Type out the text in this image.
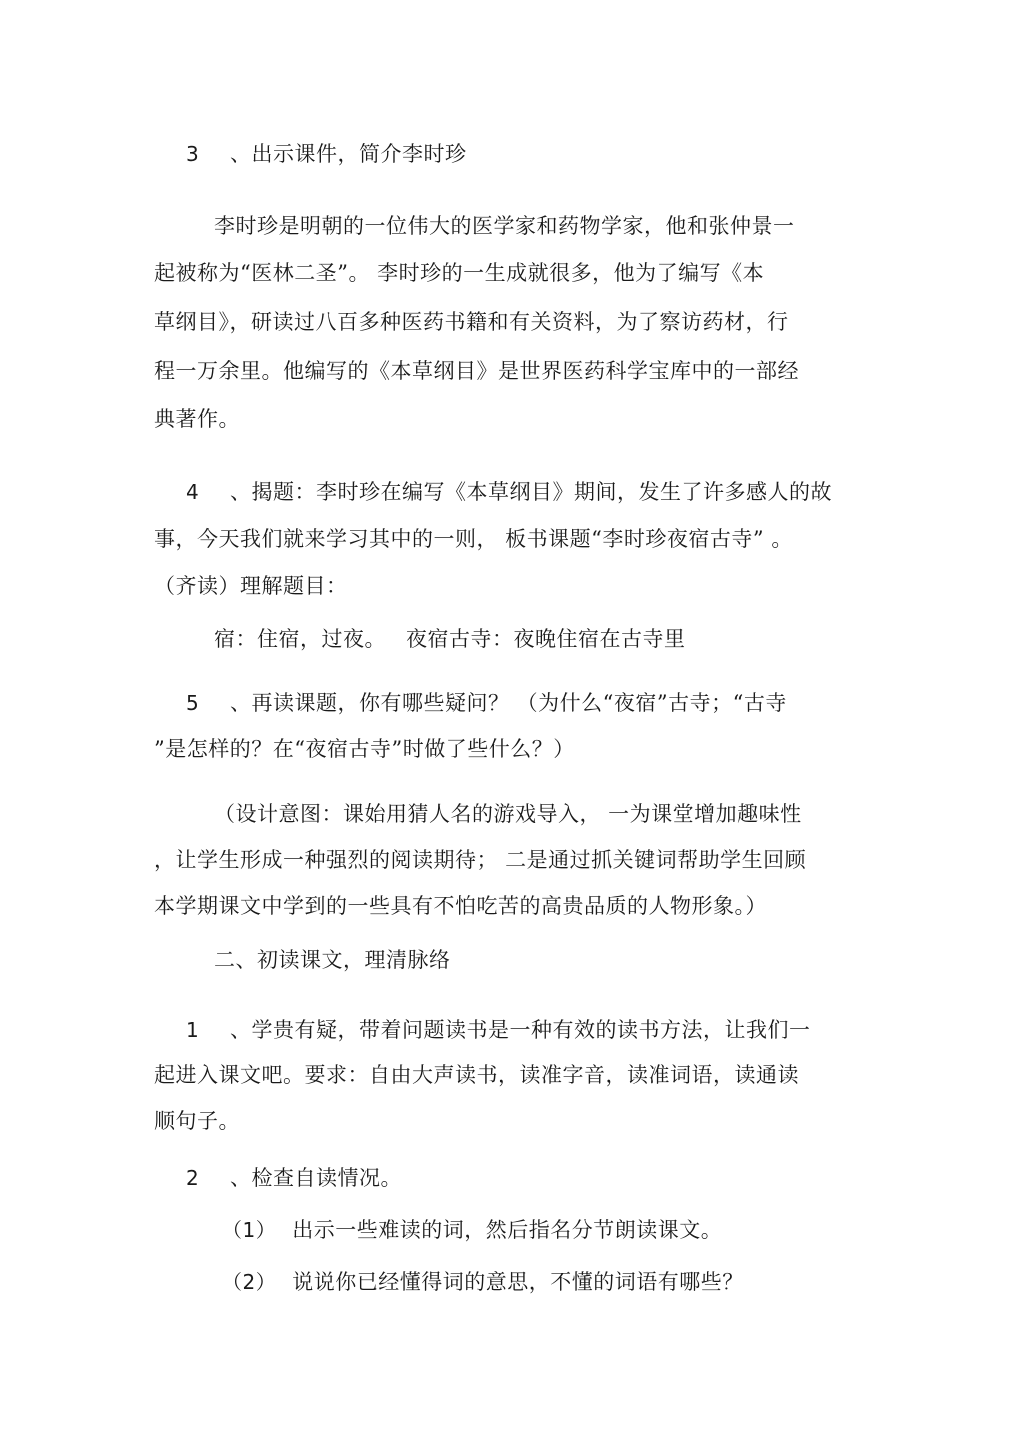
3 、出示课件，简介李时珍
李时珍是明朝的一位伟大的医学家和药物学家，他和张仲景一
起被称为“医林二圣”。 李时珍的一生成就很多，他为了编写《本
草纲目》，研读过八百多种医药书籍和有关资料，为了察访药材，行
程一万余里。他编写的《本草纲目》是世界医药科学宝库中的一部经
典著作。
4 、揭题：李时珍在编写《本草纲目》期间，发生了许多感人的故
事，今天我们就来学习其中的一则， 板书课题“李时珍夜宿古寺” 。
（齐读）理解题目：
宿：住宿，过夜。 夜宿古寺：夜晚住宿在古寺里
5 、再读课题，你有哪些疑问？ （为什么“夜宿”古寺；“古寺
”是怎样的？在“夜宿古寺”时做了些什么？）
（设计意图：课始用猜人名的游戏导入， 一为课堂增加趣味性
，让学生形成一种强烈的阅读期待； 二是通过抓关键词帮助学生回顾
本学期课文中学到的一些具有不怕吃苦的高贵品质的人物形象。）
二、初读课文，理清脉络
1 、学贵有疑，带着问题读书是一种有效的读书方法，让我们一
起进入课文吧。要求：自由大声读书，读准字音，读准词语，读通读
顺句子。
2 、检查自读情况。
（1） 出示一些难读的词，然后指名分节朗读课文。
（2） 说说你已经懂得词的意思，不懂的词语有哪些？
